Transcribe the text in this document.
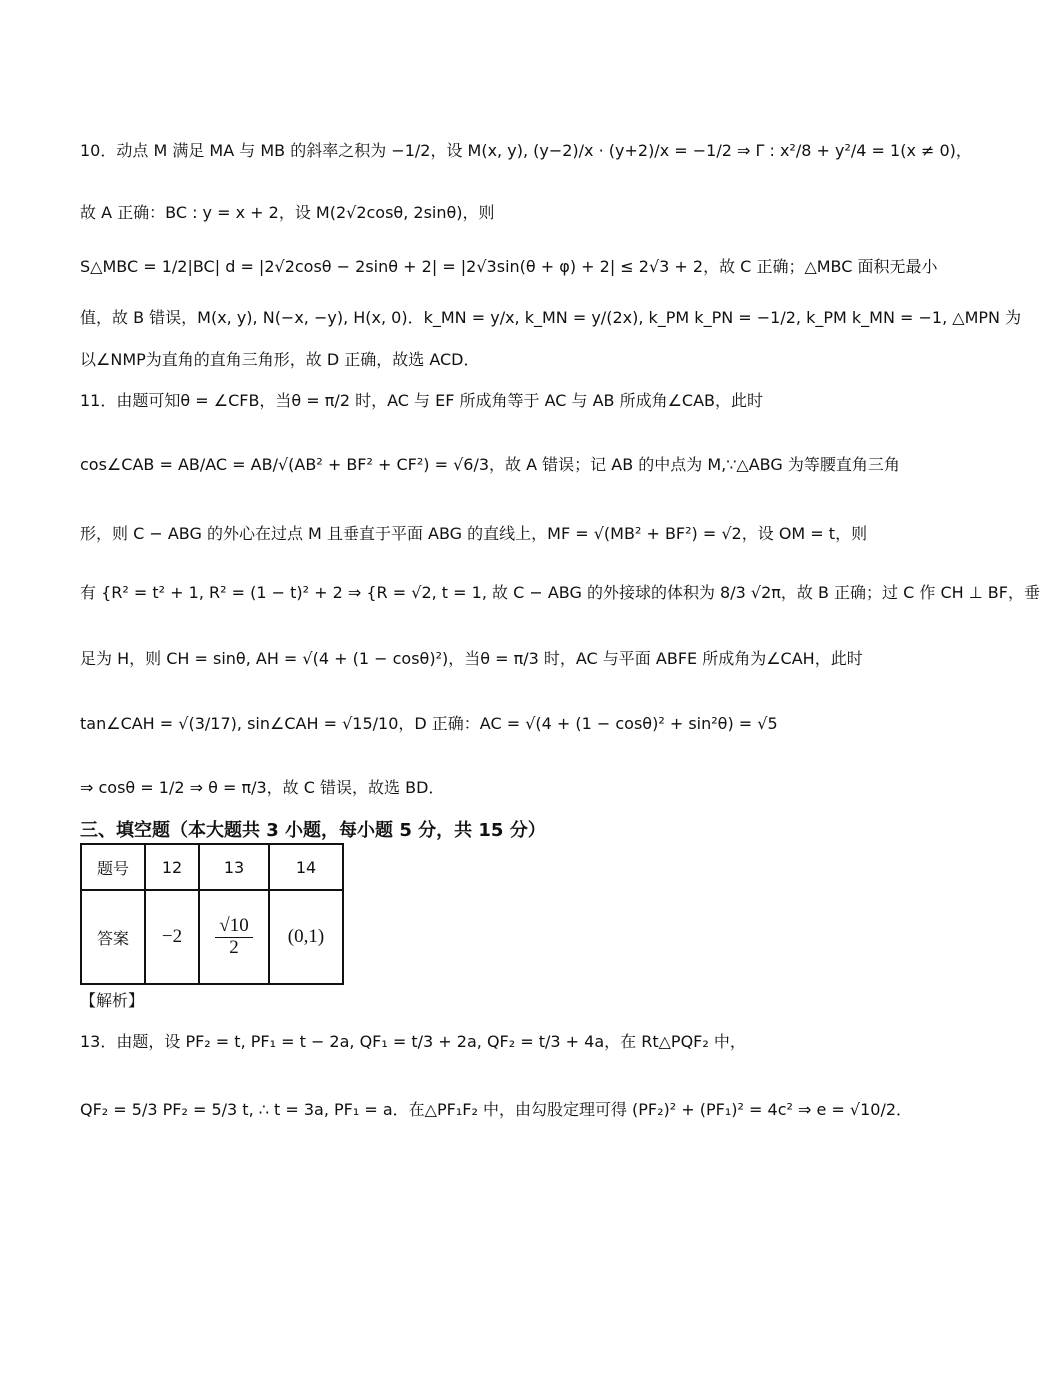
10．动点 M 满足 MA 与 MB 的斜率之积为 −1/2，设 M(x, y), (y−2)/x · (y+2)/x = −1/2 ⇒ Γ : x²/8 + y²/4 = 1(x ≠ 0)，
故 A 正确：BC : y = x + 2，设 M(2√2cosθ, 2sinθ)，则
S△MBC = 1/2|BC| d = |2√2cosθ − 2sinθ + 2| = |2√3sin(θ + φ) + 2| ≤ 2√3 + 2，故 C 正确；△MBC 面积无最小
值，故 B 错误，M(x, y), N(−x, −y), H(x, 0)．k_MN = y/x, k_MN = y/(2x), k_PM k_PN = −1/2, k_PM k_MN = −1, △MPN 为
以∠NMP为直角的直角三角形，故 D 正确，故选 ACD．
11．由题可知θ = ∠CFB，当θ = π/2 时，AC 与 EF 所成角等于 AC 与 AB 所成角∠CAB，此时
cos∠CAB = AB/AC = AB/√(AB² + BF² + CF²) = √6/3，故 A 错误；记 AB 的中点为 M,∵△ABG 为等腰直角三角
形，则 C − ABG 的外心在过点 M 且垂直于平面 ABG 的直线上，MF = √(MB² + BF²) = √2，设 OM = t，则
有 {R² = t² + 1, R² = (1 − t)² + 2 ⇒ {R = √2, t = 1, 故 C − ABG 的外接球的体积为 8/3 √2π，故 B 正确；过 C 作 CH ⊥ BF，垂
足为 H，则 CH = sinθ, AH = √(4 + (1 − cosθ)²)，当θ = π/3 时，AC 与平面 ABFE 所成角为∠CAH，此时
tan∠CAH = √(3/17), sin∠CAH = √15/10，D 正确：AC = √(4 + (1 − cosθ)² + sin²θ) = √5
⇒ cosθ = 1/2 ⇒ θ = π/3，故 C 错误，故选 BD．
三、填空题（本大题共 3 小题，每小题 5 分，共 15 分）
题号	12	13	14
答案	−2	$\frac{√10}{2}$	(0,1)
【解析】
13．由题，设 PF₂ = t, PF₁ = t − 2a, QF₁ = t/3 + 2a, QF₂ = t/3 + 4a，在 Rt△PQF₂ 中，
QF₂ = 5/3 PF₂ = 5/3 t, ∴ t = 3a, PF₁ = a．在△PF₁F₂ 中，由勾股定理可得 (PF₂)² + (PF₁)² = 4c² ⇒ e = √10/2．
